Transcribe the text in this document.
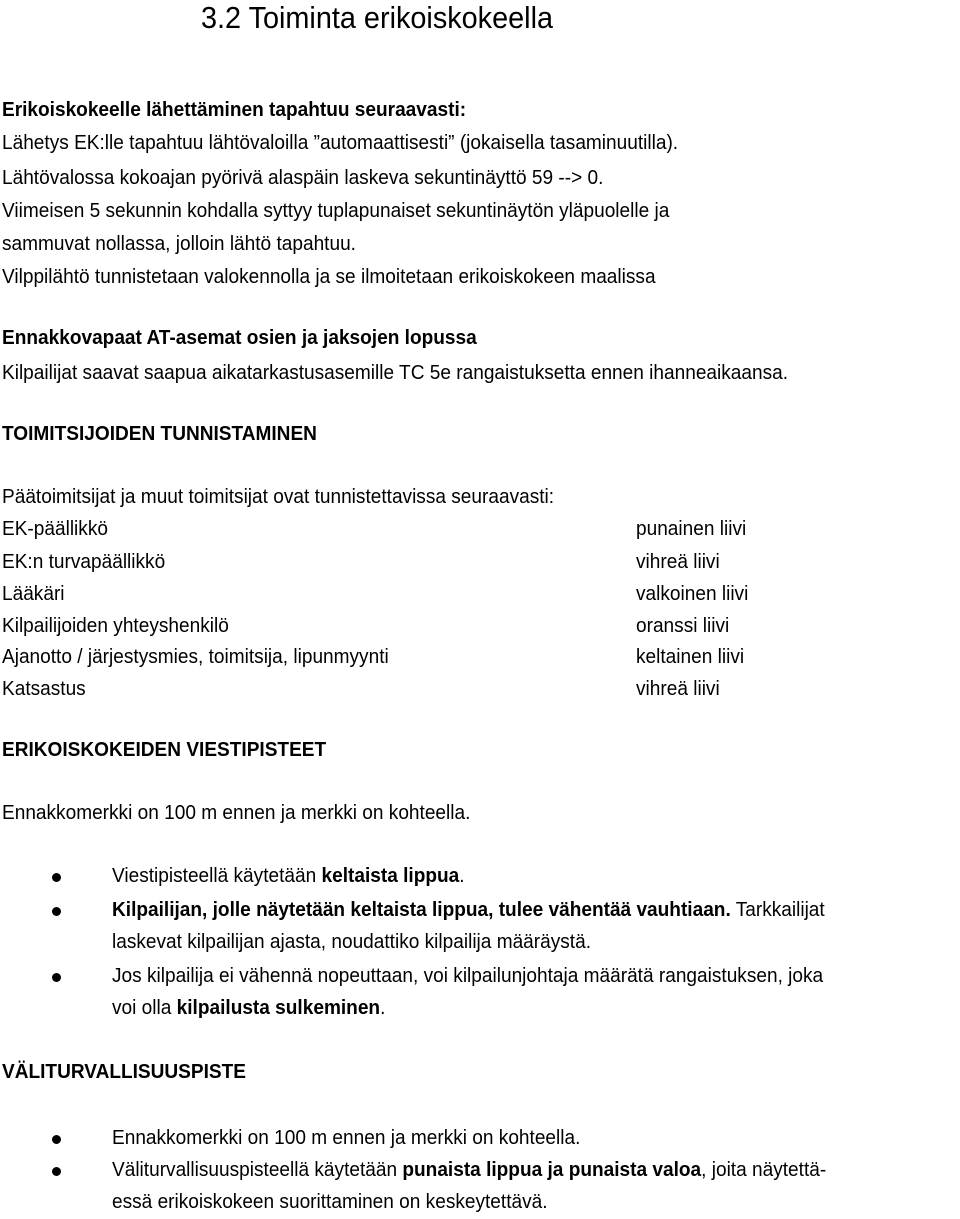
3.2 Toiminta erikoiskokeella
Erikoiskokeelle lähettäminen tapahtuu seuraavasti:
Lähetys EK:lle tapahtuu lähtövaloilla ”automaattisesti” (jokaisella tasaminuutilla).
Lähtövalossa kokoajan pyörivä alaspäin laskeva sekuntinäyttö 59 --> 0.
Viimeisen 5 sekunnin kohdalla syttyy tuplapunaiset sekuntinäytön yläpuolelle ja
sammuvat nollassa, jolloin lähtö tapahtuu.
Vilppilähtö tunnistetaan valokennolla ja se ilmoitetaan erikoiskokeen maalissa
Ennakkovapaat AT-asemat osien ja jaksojen lopussa
Kilpailijat saavat saapua aikatarkastusasemille TC 5e rangaistuksetta ennen ihanneaikaansa.
TOIMITSIJOIDEN TUNNISTAMINEN
Päätoimitsijat ja muut toimitsijat ovat tunnistettavissa seuraavasti:
EK-päällikkö	punainen liivi
EK:n turvapäällikkö	vihreä liivi
Lääkäri	valkoinen liivi
Kilpailijoiden yhteyshenkilö	oranssi liivi
Ajanotto / järjestysmies, toimitsija, lipunmyynti	keltainen liivi
Katsastus	vihreä liivi
ERIKOISKOKEIDEN VIESTIPISTEET
Ennakkomerkki on 100 m ennen ja merkki on kohteella.
Viestipisteellä käytetään keltaista lippua.
Kilpailijan, jolle näytetään keltaista lippua, tulee vähentää vauhtiaan. Tarkkailijat
laskevat kilpailijan ajasta, noudattiko kilpailija määräystä.
Jos kilpailija ei vähennä nopeuttaan, voi kilpailunjohtaja määrätä rangaistuksen, joka
voi olla kilpailusta sulkeminen.
VÄLITURVALLISUUSPISTE
Ennakkomerkki on 100 m ennen ja merkki on kohteella.
Väliturvallisuuspisteellä käytetään punaista lippua ja punaista valoa, joita näytettä-
essä erikoiskokeen suorittaminen on keskeytettävä.
